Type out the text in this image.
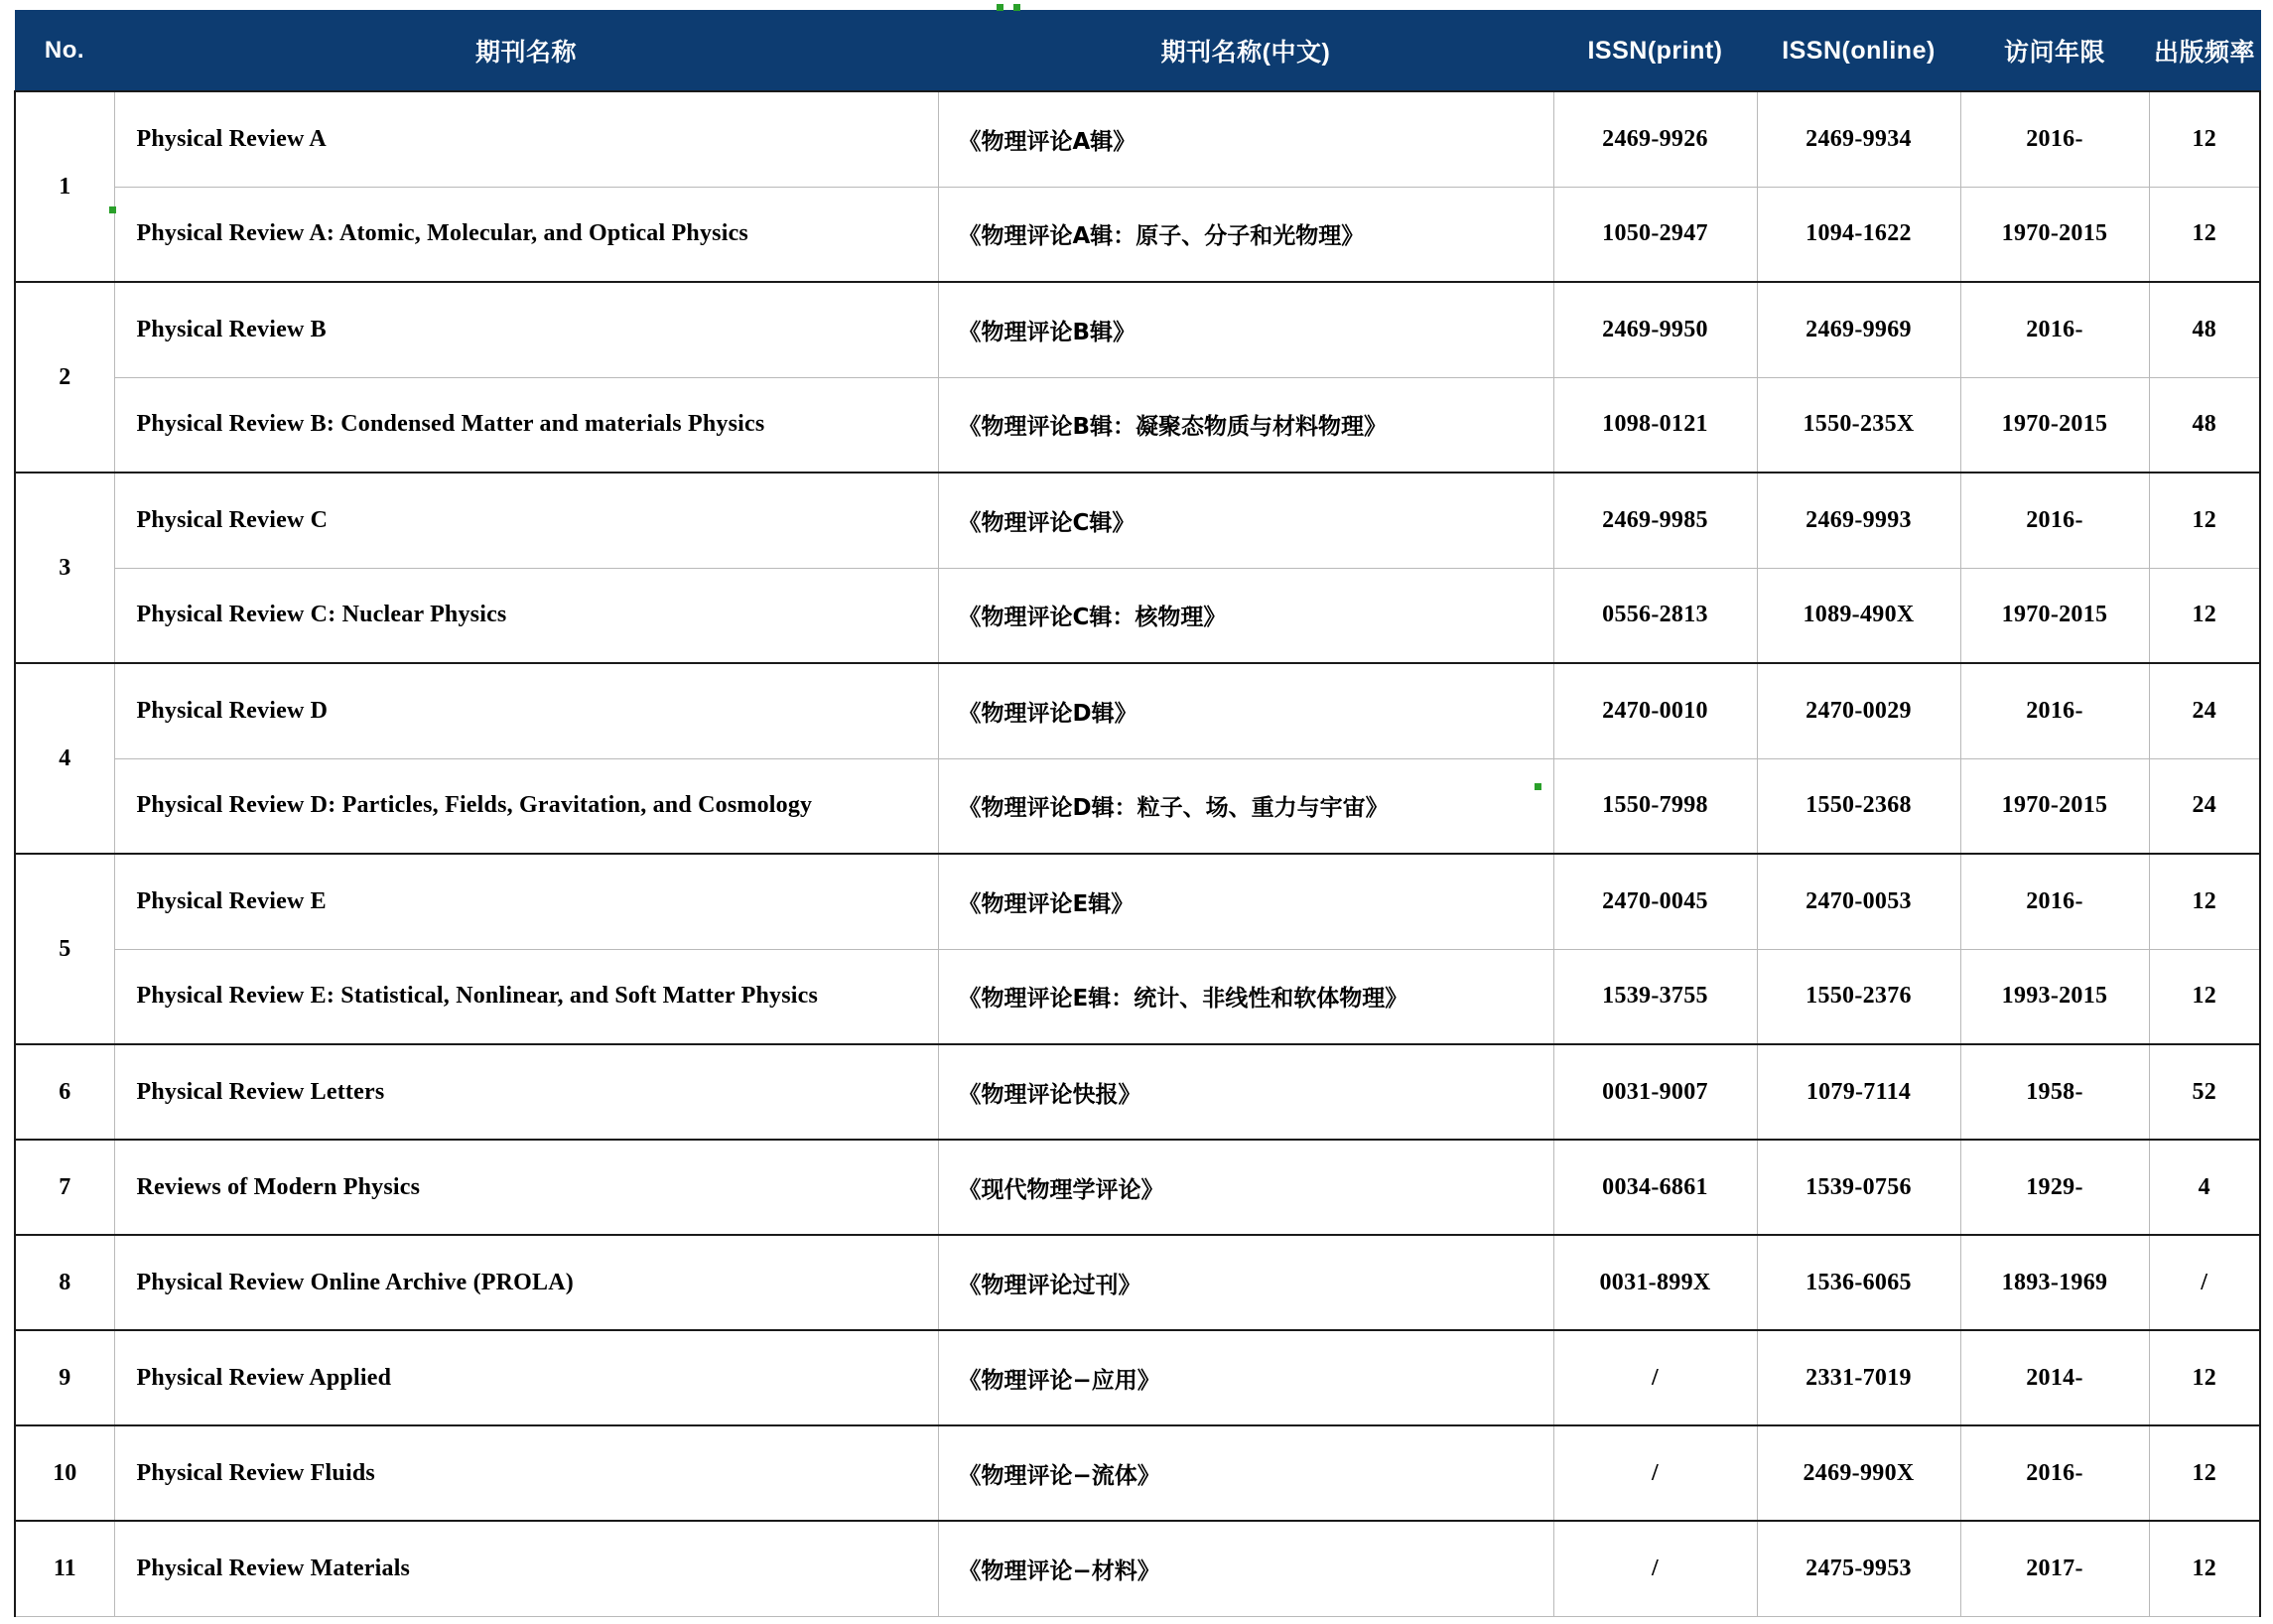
No.	期刊名称	期刊名称(中文)	ISSN(print)	ISSN(online)	访问年限	出版频率
1	Physical Review A	《物理评论A辑》	2469-9926	2469-9934	2016-	12
	Physical Review A: Atomic, Molecular, and Optical Physics	《物理评论A辑：原子、分子和光物理》	1050-2947	1094-1622	1970-2015	12
2	Physical Review B	《物理评论B辑》	2469-9950	2469-9969	2016-	48
	Physical Review B: Condensed Matter and materials Physics	《物理评论B辑：凝聚态物质与材料物理》	1098-0121	1550-235X	1970-2015	48
3	Physical Review C	《物理评论C辑》	2469-9985	2469-9993	2016-	12
	Physical Review C: Nuclear Physics	《物理评论C辑：核物理》	0556-2813	1089-490X	1970-2015	12
4	Physical Review D	《物理评论D辑》	2470-0010	2470-0029	2016-	24
	Physical Review D: Particles, Fields, Gravitation, and Cosmology	《物理评论D辑：粒子、场、重力与宇宙》	1550-7998	1550-2368	1970-2015	24
5	Physical Review E	《物理评论E辑》	2470-0045	2470-0053	2016-	12
	Physical Review E: Statistical, Nonlinear, and Soft Matter Physics	《物理评论E辑：统计、非线性和软体物理》	1539-3755	1550-2376	1993-2015	12
6	Physical Review Letters	《物理评论快报》	0031-9007	1079-7114	1958-	52
7	Reviews of Modern Physics	《现代物理学评论》	0034-6861	1539-0756	1929-	4
8	Physical Review Online Archive (PROLA)	《物理评论过刊》	0031-899X	1536-6065	1893-1969	/
9	Physical Review Applied	《物理评论−应用》	/	2331-7019	2014-	12
10	Physical Review Fluids	《物理评论−流体》	/	2469-990X	2016-	12
11	Physical Review Materials	《物理评论−材料》	/	2475-9953	2017-	12
